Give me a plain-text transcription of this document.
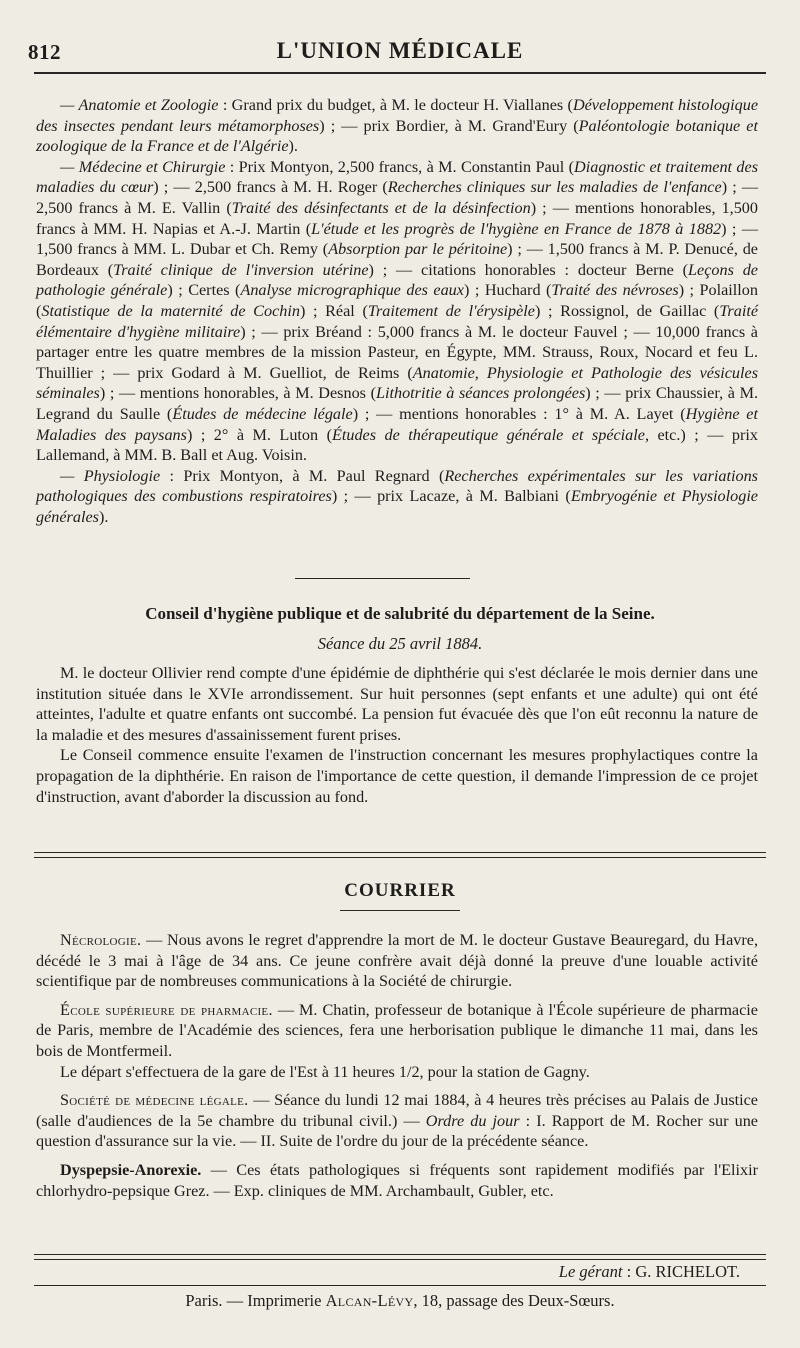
812	L'UNION MÉDICALE

— Anatomie et Zoologie : Grand prix du budget, à M. le docteur H. Viallanes (Développement histologique des insectes pendant leurs métamorphoses) ; — prix Bordier, à M. Grand'Eury (Paléontologie botanique et zoologique de la France et de l'Algérie).

— Médecine et Chirurgie : Prix Montyon, 2,500 francs, à M. Constantin Paul (Diagnostic et traitement des maladies du cœur) ; — 2,500 francs à M. H. Roger (Recherches cliniques sur les maladies de l'enfance) ; — 2,500 francs à M. E. Vallin (Traité des désinfectants et de la désinfection) ; — mentions honorables, 1,500 francs à MM. H. Napias et A.-J. Martin (L'étude et les progrès de l'hygiène en France de 1878 à 1882) ; — 1,500 francs à MM. L. Dubar et Ch. Remy (Absorption par le péritoine) ; — 1,500 francs à M. P. Denucé, de Bordeaux (Traité clinique de l'inversion utérine) ; — citations honorables : docteur Berne (Leçons de pathologie générale) ; Certes (Analyse micrographique des eaux) ; Huchard (Traité des névroses) ; Polaillon (Statistique de la maternité de Cochin) ; Réal (Traitement de l'érysipèle) ; Rossignol, de Gaillac (Traité élémentaire d'hygiène militaire) ; — prix Bréand : 5,000 francs à M. le docteur Fauvel ; — 10,000 francs à partager entre les quatre membres de la mission Pasteur, en Égypte, MM. Strauss, Roux, Nocard et feu L. Thuillier ; — prix Godard à M. Guelliot, de Reims (Anatomie, Physiologie et Pathologie des vésicules séminales) ; — mentions honorables, à M. Desnos (Lithotritie à séances prolongées) ; — prix Chaussier, à M. Legrand du Saulle (Études de médecine légale) ; — mentions honorables : 1° à M. A. Layet (Hygiène et Maladies des paysans) ; 2° à M. Luton (Études de thérapeutique générale et spéciale, etc.) ; — prix Lallemand, à MM. B. Ball et Aug. Voisin.

— Physiologie : Prix Montyon, à M. Paul Regnard (Recherches expérimentales sur les variations pathologiques des combustions respiratoires) ; — prix Lacaze, à M. Balbiani (Embryogénie et Physiologie générales).

Conseil d'hygiène publique et de salubrité du département de la Seine.
Séance du 25 avril 1884.

M. le docteur Ollivier rend compte d'une épidémie de diphthérie qui s'est déclarée le mois dernier dans une institution située dans le XVIe arrondissement. Sur huit personnes (sept enfants et une adulte) qui ont été atteintes, l'adulte et quatre enfants ont succombé. La pension fut évacuée dès que l'on eût reconnu la nature de la maladie et des mesures d'assainissement furent prises.

Le Conseil commence ensuite l'examen de l'instruction concernant les mesures prophylactiques contre la propagation de la diphthérie. En raison de l'importance de cette question, il demande l'impression de ce projet d'instruction, avant d'aborder la discussion au fond.

COURRIER

Nécrologie. — Nous avons le regret d'apprendre la mort de M. le docteur Gustave Beauregard, du Havre, décédé le 3 mai à l'âge de 34 ans. Ce jeune confrère avait déjà donné la preuve d'une louable activité scientifique par de nombreuses communications à la Société de chirurgie.

École supérieure de pharmacie. — M. Chatin, professeur de botanique à l'École supérieure de pharmacie de Paris, membre de l'Académie des sciences, fera une herborisation publique le dimanche 11 mai, dans les bois de Montfermeil.

Le départ s'effectuera de la gare de l'Est à 11 heures 1/2, pour la station de Gagny.

Société de médecine légale. — Séance du lundi 12 mai 1884, à 4 heures très précises au Palais de Justice (salle d'audiences de la 5e chambre du tribunal civil.) — Ordre du jour : I. Rapport de M. Rocher sur une question d'assurance sur la vie. — II. Suite de l'ordre du jour de la précédente séance.

Dyspepsie-Anorexie. — Ces états pathologiques si fréquents sont rapidement modifiés par l'Elixir chlorhydro-pepsique Grez. — Exp. cliniques de MM. Archambault, Gubler, etc.

Le gérant : G. RICHELOT.
Paris. — Imprimerie Alcan-Lévy, 18, passage des Deux-Sœurs.
